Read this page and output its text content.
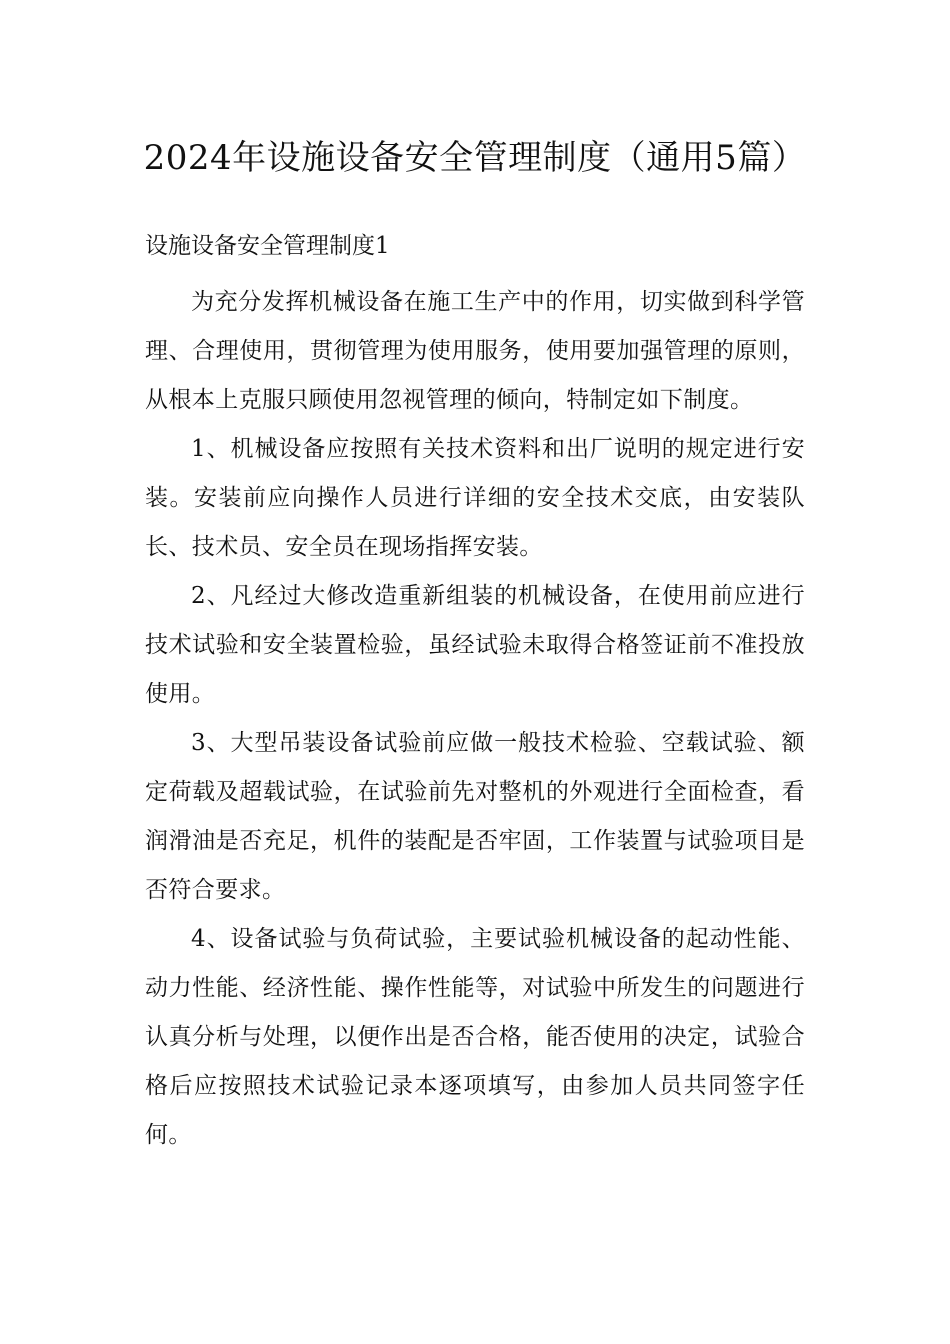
2024年设施设备安全管理制度（通用5篇）
设施设备安全管理制度1

为充分发挥机械设备在施工生产中的作用，切实做到科学管理、合理使用，贯彻管理为使用服务，使用要加强管理的原则，从根本上克服只顾使用忽视管理的倾向，特制定如下制度。

1、机械设备应按照有关技术资料和出厂说明的规定进行安装。安装前应向操作人员进行详细的安全技术交底，由安装队长、技术员、安全员在现场指挥安装。

2、凡经过大修改造重新组装的机械设备，在使用前应进行技术试验和安全装置检验，虽经试验未取得合格签证前不准投放使用。

3、大型吊装设备试验前应做一般技术检验、空载试验、额定荷载及超载试验，在试验前先对整机的外观进行全面检查，看润滑油是否充足，机件的装配是否牢固，工作装置与试验项目是否符合要求。

4、设备试验与负荷试验，主要试验机械设备的起动性能、动力性能、经济性能、操作性能等，对试验中所发生的问题进行认真分析与处理，以便作出是否合格，能否使用的决定，试验合格后应按照技术试验记录本逐项填写，由参加人员共同签字任何。
